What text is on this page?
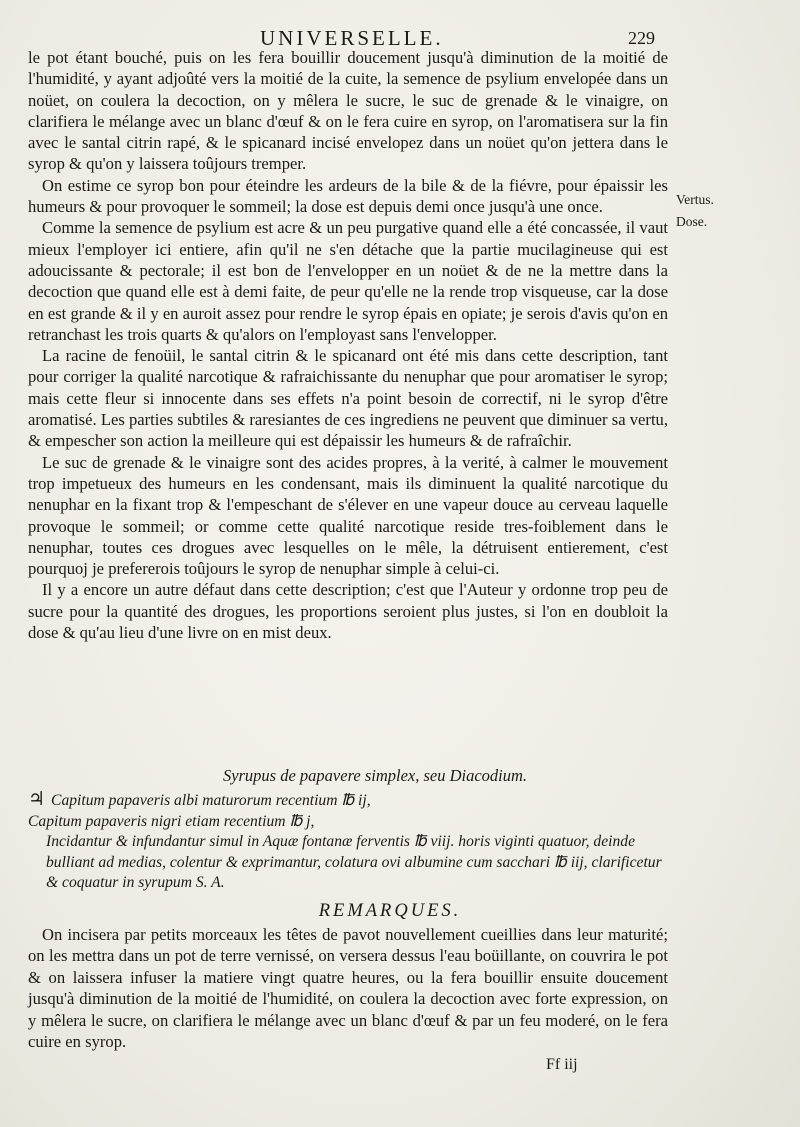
UNIVERSELLE.	229

le pot étant bouché, puis on les fera bouillir doucement jusqu'à diminution de la moitié de l'humidité, y ayant adjoûté vers la moitié de la cuite, la semence de psylium envelopée dans un noüet, on coulera la decoction, on y mêlera le sucre, le suc de grenade & le vinaigre, on clarifiera le mélange avec un blanc d'œuf & on le fera cuire en syrop, on l'aromatisera sur la fin avec le santal citrin rapé, & le spicanard incisé envelopez dans un noüet qu'on jettera dans le syrop & qu'on y laissera toûjours tremper.

On estime ce syrop bon pour éteindre les ardeurs de la bile & de la fiévre, pour épaissir les humeurs & pour provoquer le sommeil; la dose est depuis demi once jusqu'à une once.

Comme la semence de psylium est acre & un peu purgative quand elle a été concassée, il vaut mieux l'employer ici entiere, afin qu'il ne s'en détache que la partie mucilagineuse qui est adoucissante & pectorale; il est bon de l'envelopper en un noüet & de ne la mettre dans la decoction que quand elle est à demi faite, de peur qu'elle ne la rende trop visqueuse, car la dose en est grande & il y en auroit assez pour rendre le syrop épais en opiate; je serois d'avis qu'on en retranchast les trois quarts & qu'alors on l'employast sans l'envelopper.

La racine de fenoüil, le santal citrin & le spicanard ont été mis dans cette description, tant pour corriger la qualité narcotique & rafraichissante du nenuphar que pour aromatiser le syrop; mais cette fleur si innocente dans ses effets n'a point besoin de correctif, ni le syrop d'être aromatisé. Les parties subtiles & raresiantes de ces ingrediens ne peuvent que diminuer sa vertu, & empescher son action la meilleure qui est dépaissir les humeurs & de rafraîchir.

Le suc de grenade & le vinaigre sont des acides propres, à la verité, à calmer le mouvement trop impetueux des humeurs en les condensant, mais ils diminuent la qualité narcotique du nenuphar en la fixant trop & l'empeschant de s'élever en une vapeur douce au cerveau laquelle provoque le sommeil; or comme cette qualité narcotique reside tres-foiblement dans le nenuphar, toutes ces drogues avec lesquelles on le mêle, la détruisent entierement, c'est pourquoj je prefererois toûjours le syrop de nenuphar simple à celui-ci.

Il y a encore un autre défaut dans cette description; c'est que l'Auteur y ordonne trop peu de sucre pour la quantité des drogues, les proportions seroient plus justes, si l'on en doubloit la dose & qu'au lieu d'une livre on en mist deux.

Vertus.
Dose.
Syrupus de papavere simplex, seu Diacodium.
♃ Capitum papaveris albi maturorum recentium ℔ ij,
Capitum papaveris nigri etiam recentium ℔ j,
Incidantur & infundantur simul in Aquæ fontanæ ferventis ℔ viij. horis viginti quatuor, deinde bulliant ad medias, colentur & exprimantur, colatura ovi albumine cum sacchari ℔ iij, clarificetur & coquatur in syrupum S. A.
REMARQUES.

On incisera par petits morceaux les têtes de pavot nouvellement cueillies dans leur maturité; on les mettra dans un pot de terre vernissé, on versera dessus l'eau boüillante, on couvrira le pot & on laissera infuser la matiere vingt quatre heures, ou la fera bouillir ensuite doucement jusqu'à diminution de la moitié de l'humidité, on coulera la decoction avec forte expression, on y mêlera le sucre, on clarifiera le mélange avec un blanc d'œuf & par un feu moderé, on le fera cuire en syrop.

Ff iij
